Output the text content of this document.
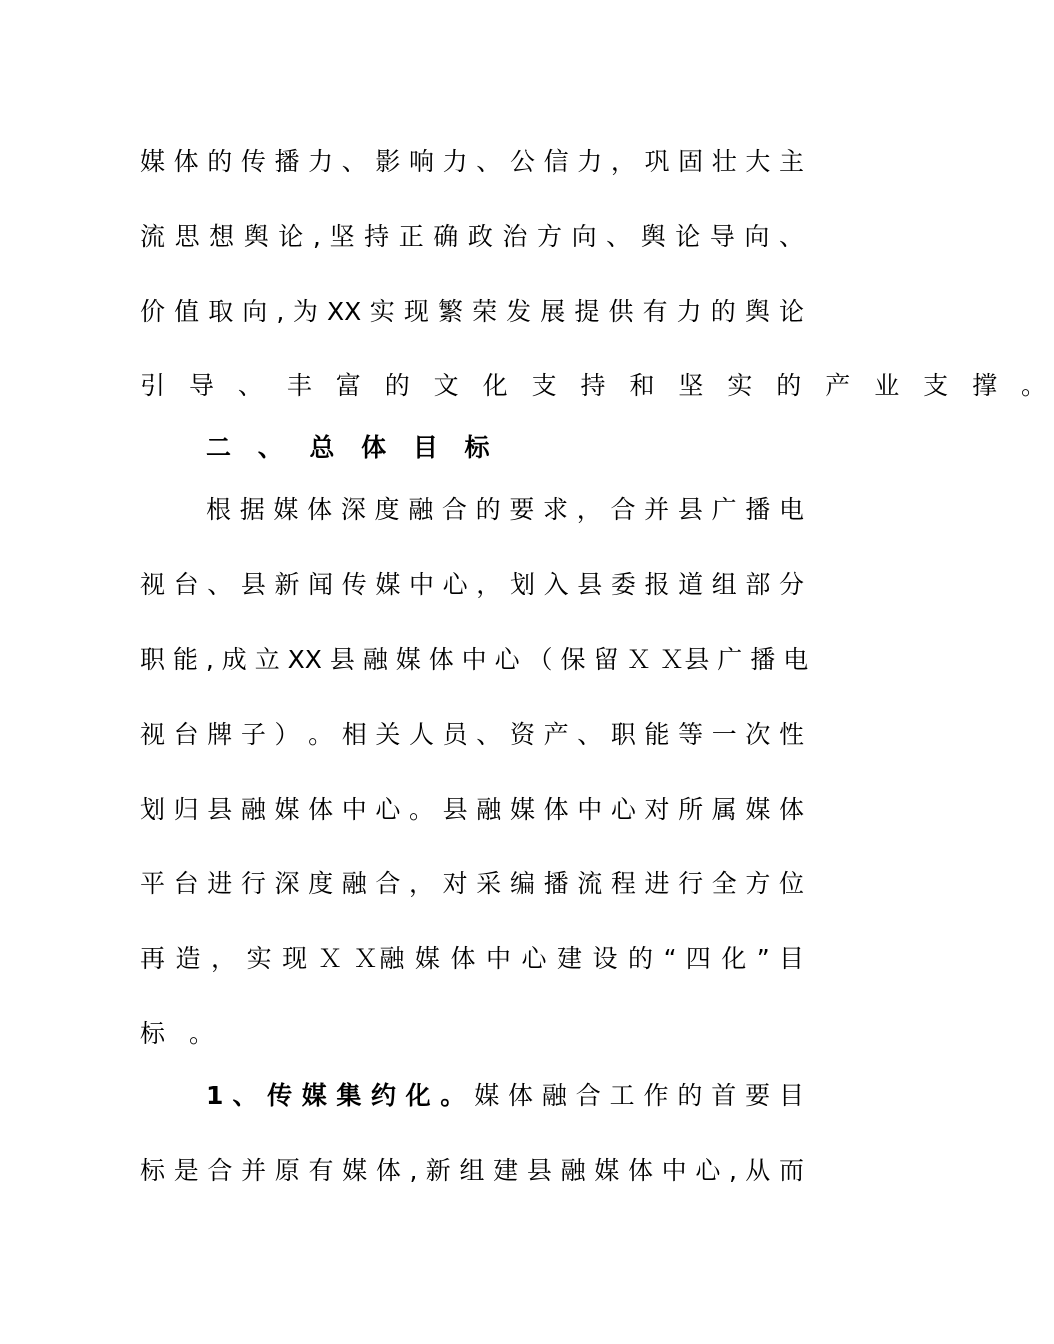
媒 体 的 传 播 力 、 影 响 力 、 公 信 力 ， 巩 固 壮 大 主
流 思 想 舆 论 , 坚 持 正 确 政 治 方 向 、 舆 论 导 向 、
价 值 取 向 , 为 XX 实 现 繁 荣 发 展 提 供 有 力 的 舆 论
引 导 、 丰 富 的 文 化 支 持 和 坚 实 的 产 业 支 撑 。
二 、 总 体 目 标
根 据 媒 体 深 度 融 合 的 要 求 ， 合 并 县 广 播 电
视 台 、 县 新 闻 传 媒 中 心 ， 划 入 县 委 报 道 组 部 分
职 能 , 成 立 XX 县 融 媒 体 中 心 （ 保 留 Ｘ Ｘ县 广 播 电
视 台 牌 子 ） 。 相 关 人 员 、 资 产 、 职 能 等 一 次 性
划 归 县 融 媒 体 中 心 。 县 融 媒 体 中 心 对 所 属 媒 体
平 台 进 行 深 度 融 合 ， 对 采 编 播 流 程 进 行 全 方 位
再 造 ， 实 现 Ｘ Ｘ融 媒 体 中 心 建 设 的 “ 四 化 ” 目
标 。
1 、 传 媒 集 约 化 。 媒 体 融 合 工 作 的 首 要 目
标 是 合 并 原 有 媒 体 , 新 组 建 县 融 媒 体 中 心 , 从 而
